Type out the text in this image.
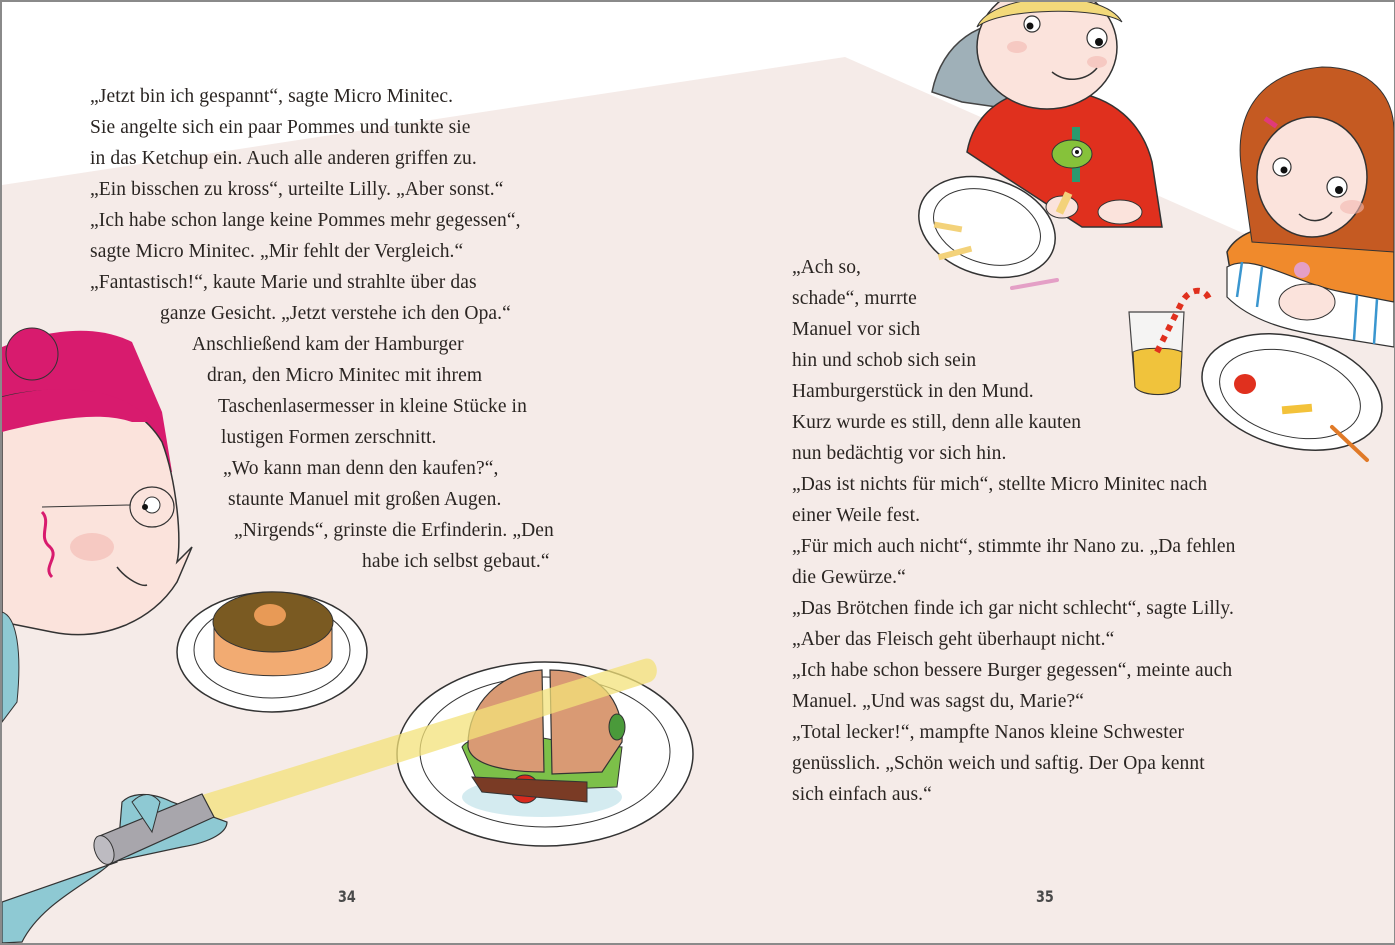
„Jetzt bin ich gespannt“, sagte Micro Minitec.
Sie angelte sich ein paar Pommes und tunkte sie
in das Ketchup ein. Auch alle anderen griffen zu.
„Ein bisschen zu kross“, urteilte Lilly. „Aber sonst.“
„Ich habe schon lange keine Pommes mehr gegessen“,
sagte Micro Minitec. „Mir fehlt der Vergleich.“
„Fantastisch!“, kaute Marie und strahlte über das
ganze Gesicht. „Jetzt verstehe ich den Opa.“
Anschließend kam der Hamburger
dran, den Micro Minitec mit ihrem
Taschenlasermesser in kleine Stücke in
lustigen Formen zerschnitt.
„Wo kann man denn den kaufen?“,
staunte Manuel mit großen Augen.
„Nirgends“, grinste die Erfinderin. „Den
habe ich selbst gebaut.“
34
„Ach so,
schade“, murrte
Manuel vor sich
hin und schob sich sein
Hamburgerstück in den Mund.
Kurz wurde es still, denn alle kauten
nun bedächtig vor sich hin.
„Das ist nichts für mich“, stellte Micro Minitec nach
einer Weile fest.
„Für mich auch nicht“, stimmte ihr Nano zu. „Da fehlen
die Gewürze.“
„Das Brötchen finde ich gar nicht schlecht“, sagte Lilly.
„Aber das Fleisch geht überhaupt nicht.“
„Ich habe schon bessere Burger gegessen“, meinte auch
Manuel. „Und was sagst du, Marie?“
„Total lecker!“, mampfte Nanos kleine Schwester
genüsslich. „Schön weich und saftig. Der Opa kennt
sich einfach aus.“
35
